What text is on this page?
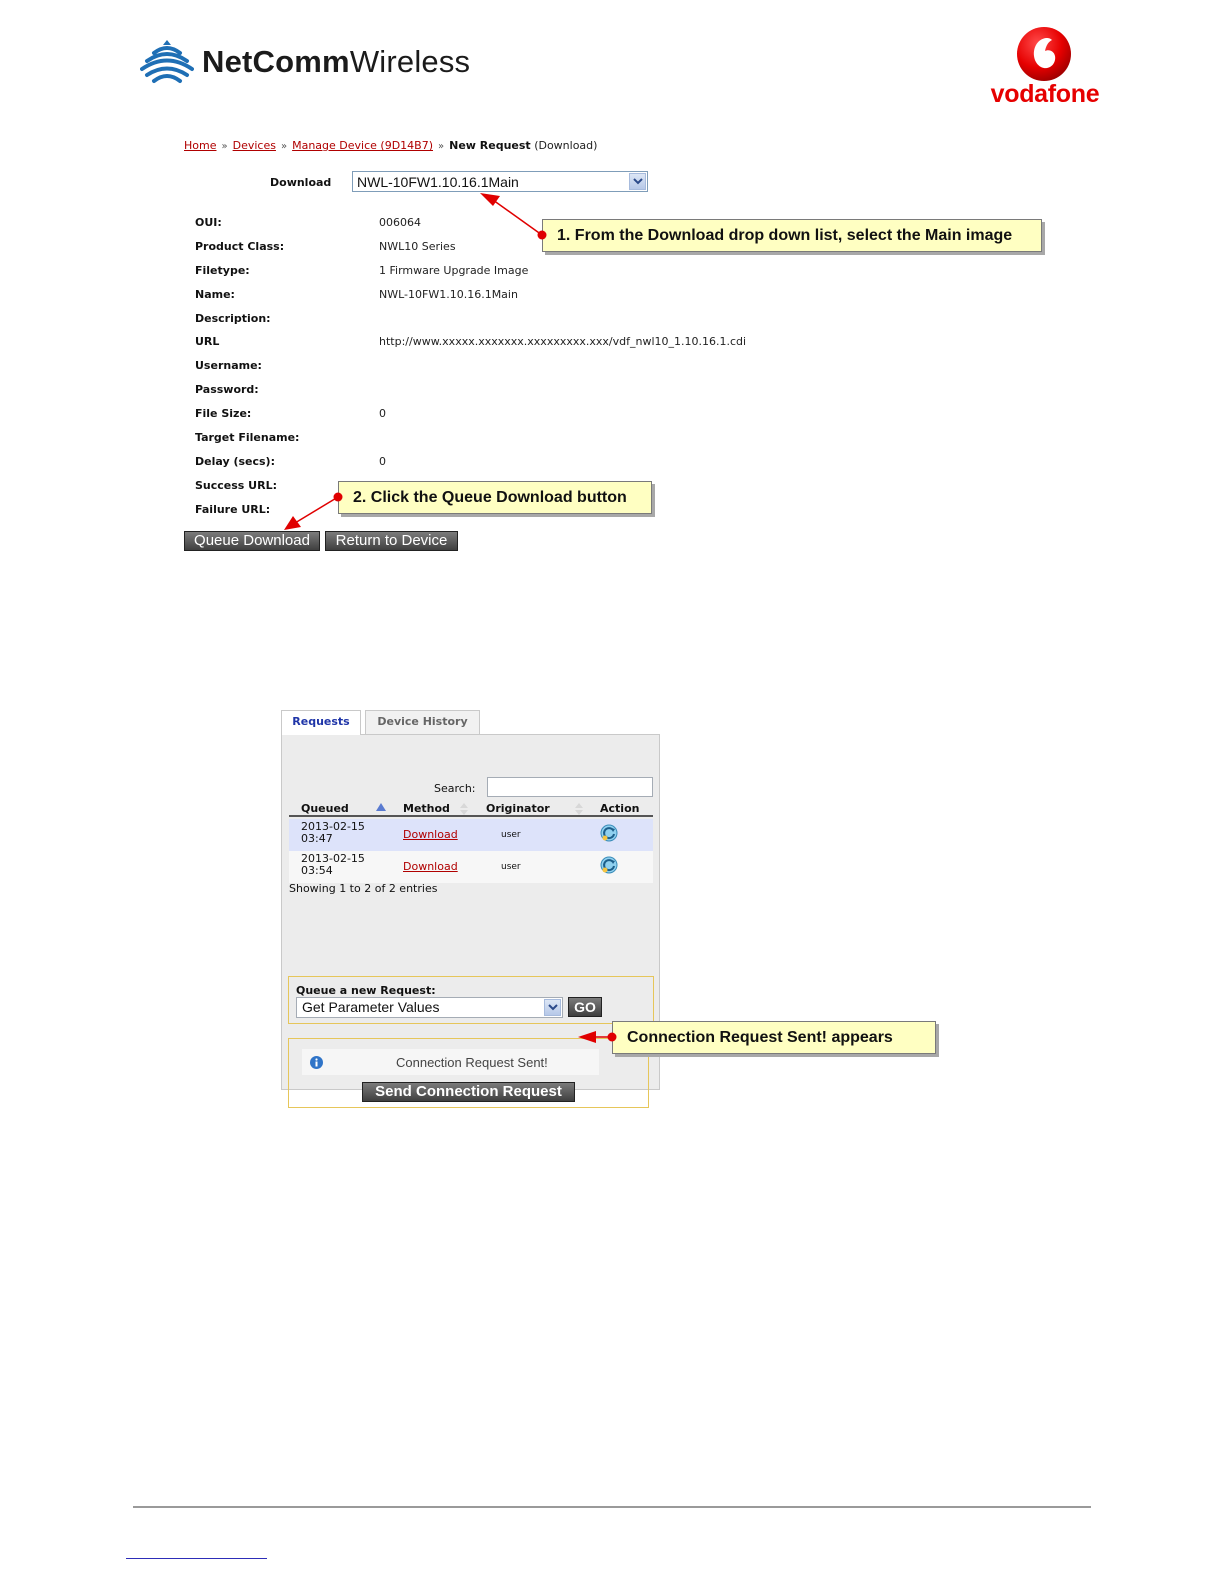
NetCommWireless
vodafone
Home » Devices » Manage Device (9D14B7) » New Request (Download)
Download	NWL-10FW1.10.16.1Main
OUI:	006064
Product Class:	NWL10 Series
Filetype:	1 Firmware Upgrade Image
Name:	NWL-10FW1.10.16.1Main
Description:
URL	http://www.xxxxx.xxxxxxx.xxxxxxxxx.xxx/vdf_nwl10_1.10.16.1.cdi
Username:
Password:
File Size:	0
Target Filename:
Delay (secs):	0
Success URL:
Failure URL:
Queue Download	Return to Device
Requests	Device History
Search:
Queued	Method	Originator	Action
2013-02-15
03:47	Download	user
2013-02-15
03:54	Download	user
Showing 1 to 2 of 2 entries
Queue a new Request:
Get Parameter Values	GO
Connection Request Sent!
Send Connection Request
1. From the Download drop down list, select the Main image
2. Click the Queue Download button
Connection Request Sent! appears
